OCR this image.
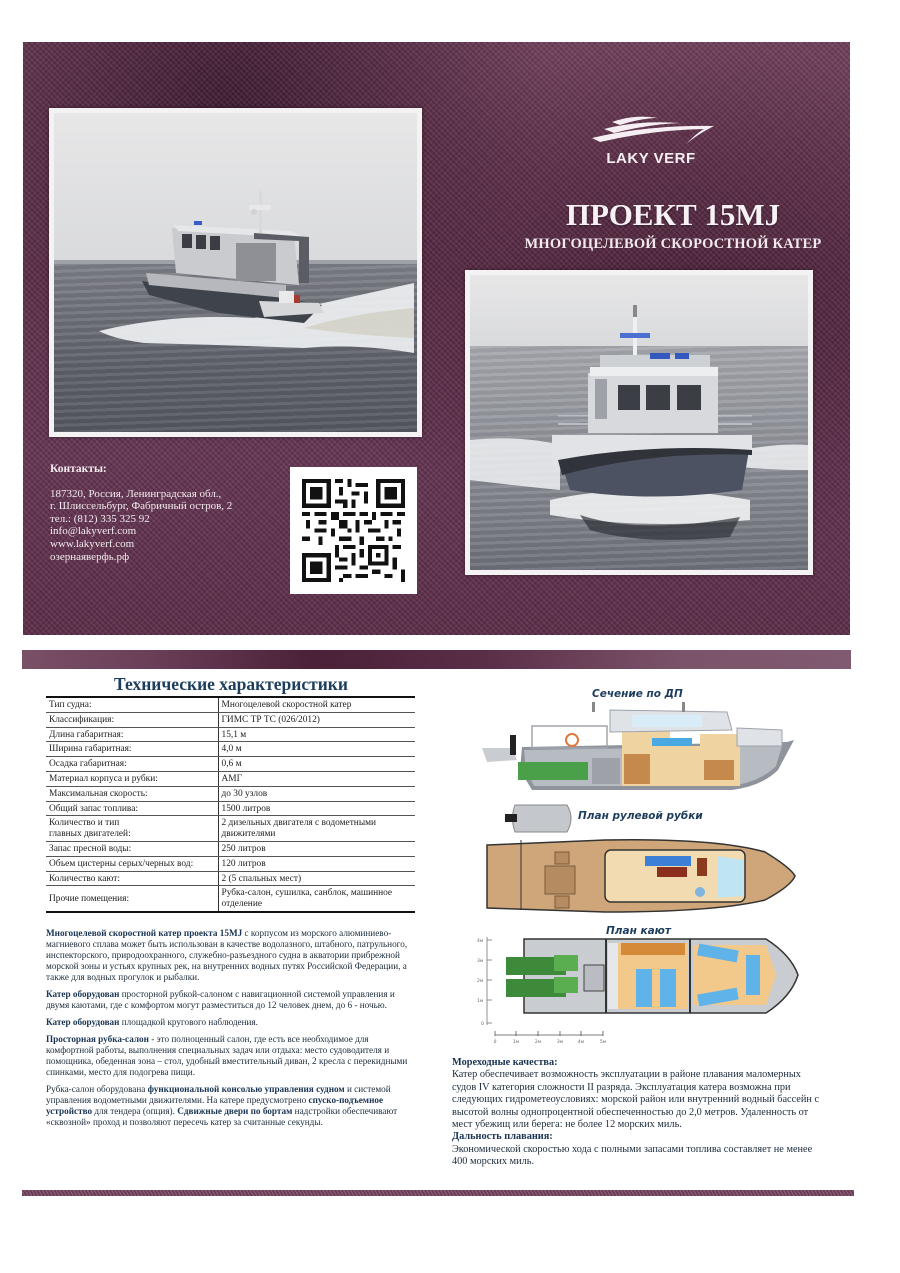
LAKY VERF
ПРОЕКТ 15MJ
МНОГОЦЕЛЕВОЙ СКОРОСТНОЙ КАТЕР
Контакты:
187320, Россия, Ленинградская обл.,
г. Шлиссельбург, Фабричный остров, 2
тел.: (812) 335 325 92
info@lakyverf.com
www.lakyverf.com
озернаяверфь.рф
Технические характеристики
Тип судна:	Многоцелевой скоростной катер
Классификация:	ГИМС ТР ТС (026/2012)
Длина габаритная:	15,1 м
Ширина габаритная:	4,0 м
Осадка габаритная:	0,6 м
Материал корпуса и рубки:	АМГ
Максимальная скорость:	до 30 узлов
Общий запас топлива:	1500 литров
Количество и тип
главных двигателей:	2 дизельных двигателя с водометными движителями
Запас пресной воды:	250 литров
Объем цистерны серых/черных вод:	120 литров
Количество кают:	2 (5 спальных мест)
Прочие помещения:	Рубка-салон, сушилка, санблок, машинное отделение

Многоцелевой скоростной катер проекта 15MJ с корпусом из морского алюминиево-магниевого сплава может быть использован в качестве водолазного, штабного, патрульного, инспекторского, природоохранного, служебно-разъездного судна в акватории прибрежной морской зоны и устьях крупных рек, на внутренних водных путях Российской Федерации, а также для водных прогулок и рыбалки.

Катер оборудован просторной рубкой-салоном с навигационной системой управления и двумя каютами, где с комфортом могут разместиться до 12 человек днем, до 6 - ночью.

Катер оборудован площадкой кругового наблюдения.

Просторная рубка-салон - это полноценный салон, где есть все необходимое для комфортной работы, выполнения специальных задач или отдыха: место судоводителя и помощника, обеденная зона – стол, удобный вместительный диван, 2 кресла с перекидными спинками, место для подогрева пищи.

Рубка-салон оборудована функциональной консолью управления судном и системой управления водометными движителями. На катере предусмотрено спуско-подъемное устройство для тендера (опция). Сдвижные двери по бортам надстройки обеспечивают «сквозной» проход и позволяют пересечь катер за считанные секунды.

Сечение по ДП
План рулевой рубки
План кают
4м
3м
2м
1м
0
0	1м	2м	3м	4м	5м
Мореходные качества:
Катер обеспечивает возможность эксплуатации в районе плавания маломерных судов IV категория сложности II разряда. Эксплуатация катера возможна при следующих гидрометеоусловиях: морской район или внутренний водный бассейн с высотой волны однопроцентной обеспеченностью до 2,0 метров. Удаленность от мест убежищ или берега: не более 12 морских миль.
Дальность плавания:
Экономической скоростью хода с полными запасами топлива составляет не менее 400 морских миль.
